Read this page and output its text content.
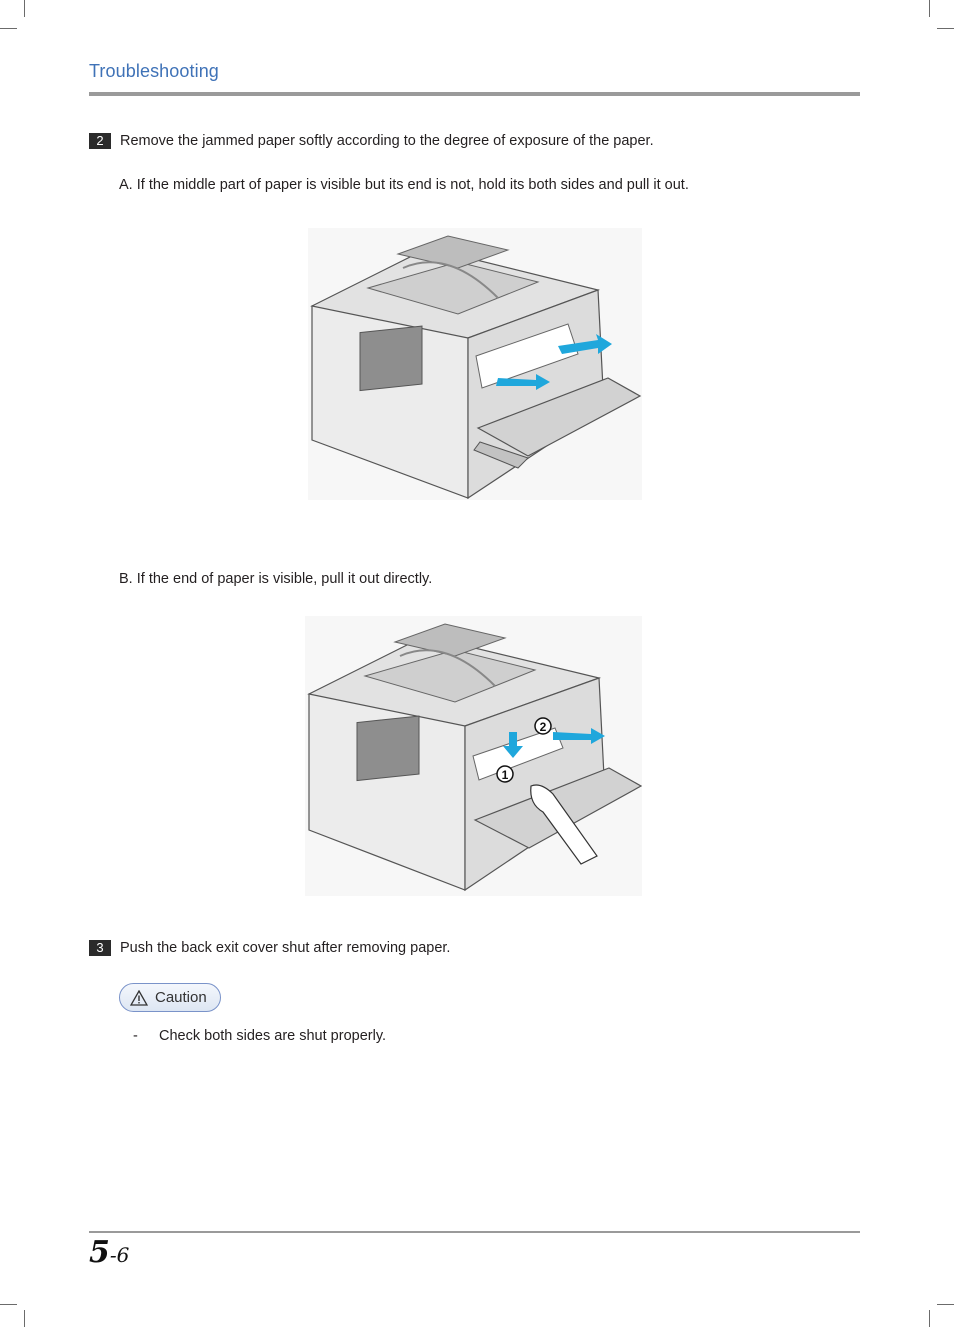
Troubleshooting
2	Remove the jammed paper softly according to the degree of exposure of the paper.
A. If the middle part of paper is visible but its end is not, hold its both sides and pull it out.
B. If the end of paper is visible, pull it out directly.
1
2
3	Push the back exit cover shut after removing paper.
Caution
- Check both sides are shut properly.
5-6
